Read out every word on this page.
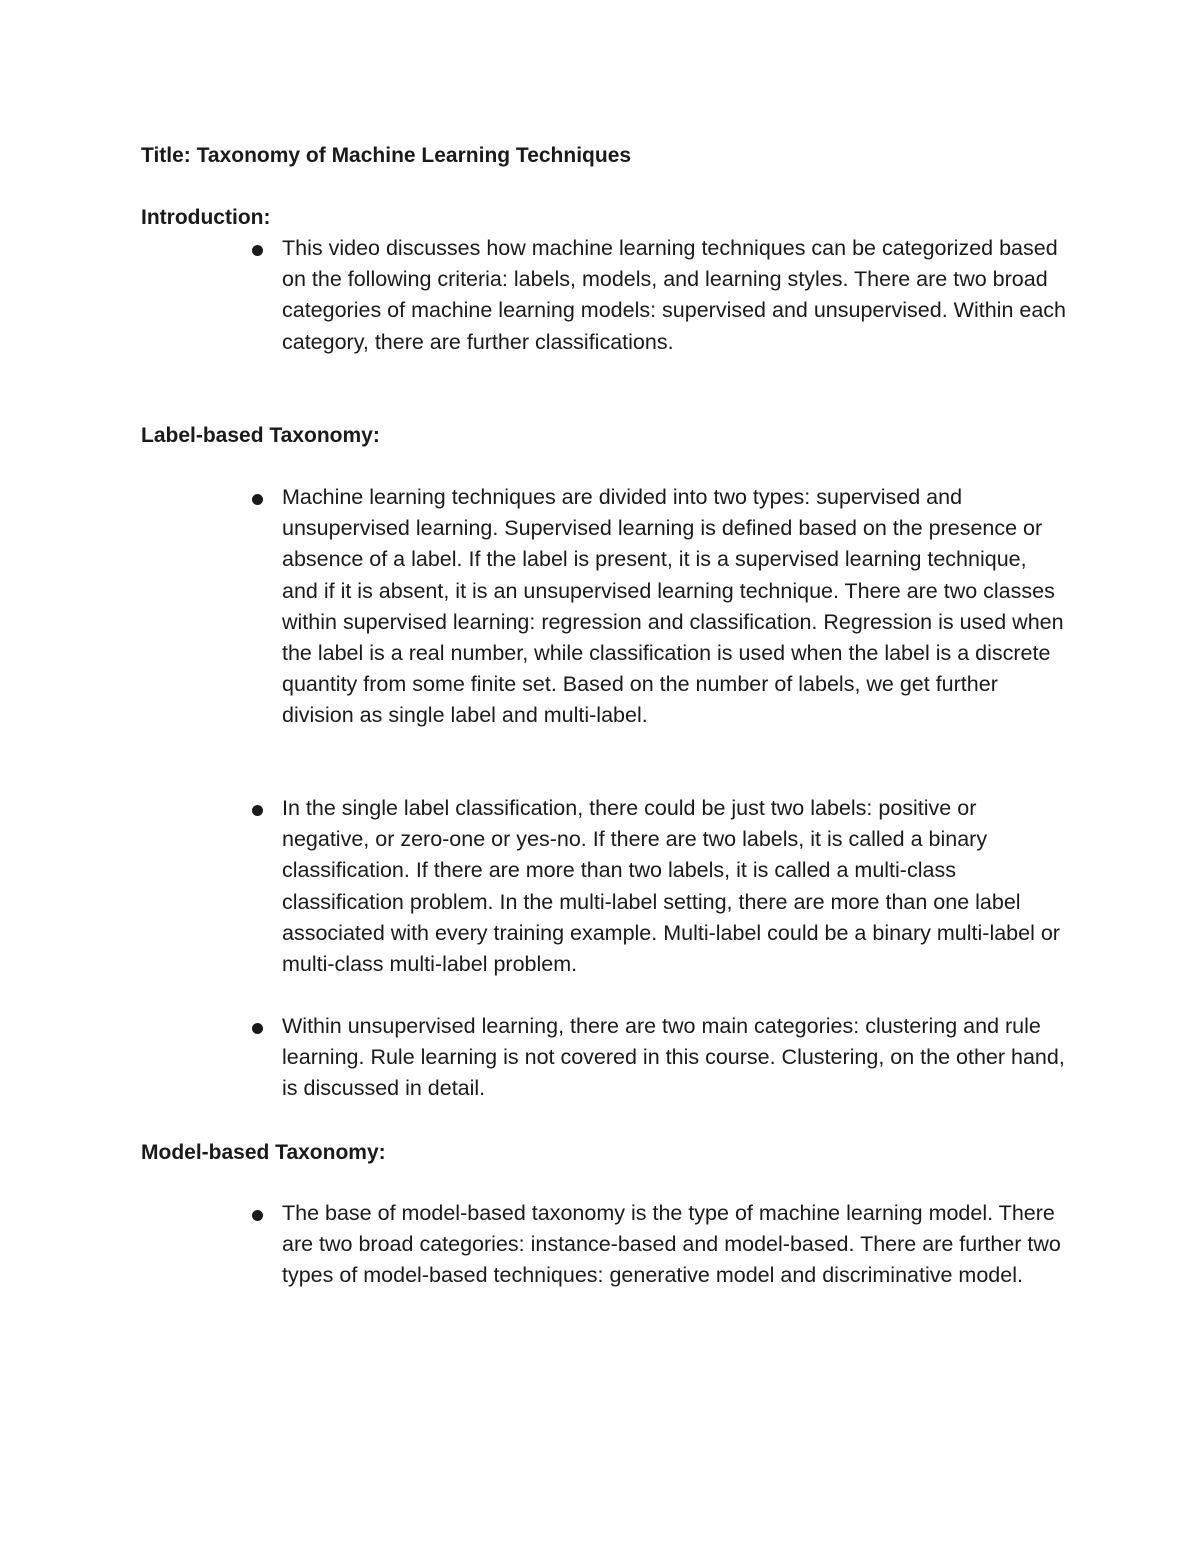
Title: Taxonomy of Machine Learning Techniques
Introduction:

This video discusses how machine learning techniques can be categorized based on the following criteria: labels, models, and learning styles. There are two broad categories of machine learning models: supervised and unsupervised. Within each category, there are further classifications.

Label-based Taxonomy:

Machine learning techniques are divided into two types: supervised and unsupervised learning. Supervised learning is defined based on the presence or absence of a label. If the label is present, it is a supervised learning technique, and if it is absent, it is an unsupervised learning technique. There are two classes within supervised learning: regression and classification. Regression is used when the label is a real number, while classification is used when the label is a discrete quantity from some finite set. Based on the number of labels, we get further division as single label and multi-label.

In the single label classification, there could be just two labels: positive or negative, or zero-one or yes-no. If there are two labels, it is called a binary classification. If there are more than two labels, it is called a multi-class classification problem. In the multi-label setting, there are more than one label associated with every training example. Multi-label could be a binary multi-label or multi-class multi-label problem.

Within unsupervised learning, there are two main categories: clustering and rule learning. Rule learning is not covered in this course. Clustering, on the other hand, is discussed in detail.

Model-based Taxonomy:

The base of model-based taxonomy is the type of machine learning model. There are two broad categories: instance-based and model-based. There are further two types of model-based techniques: generative model and discriminative model.
